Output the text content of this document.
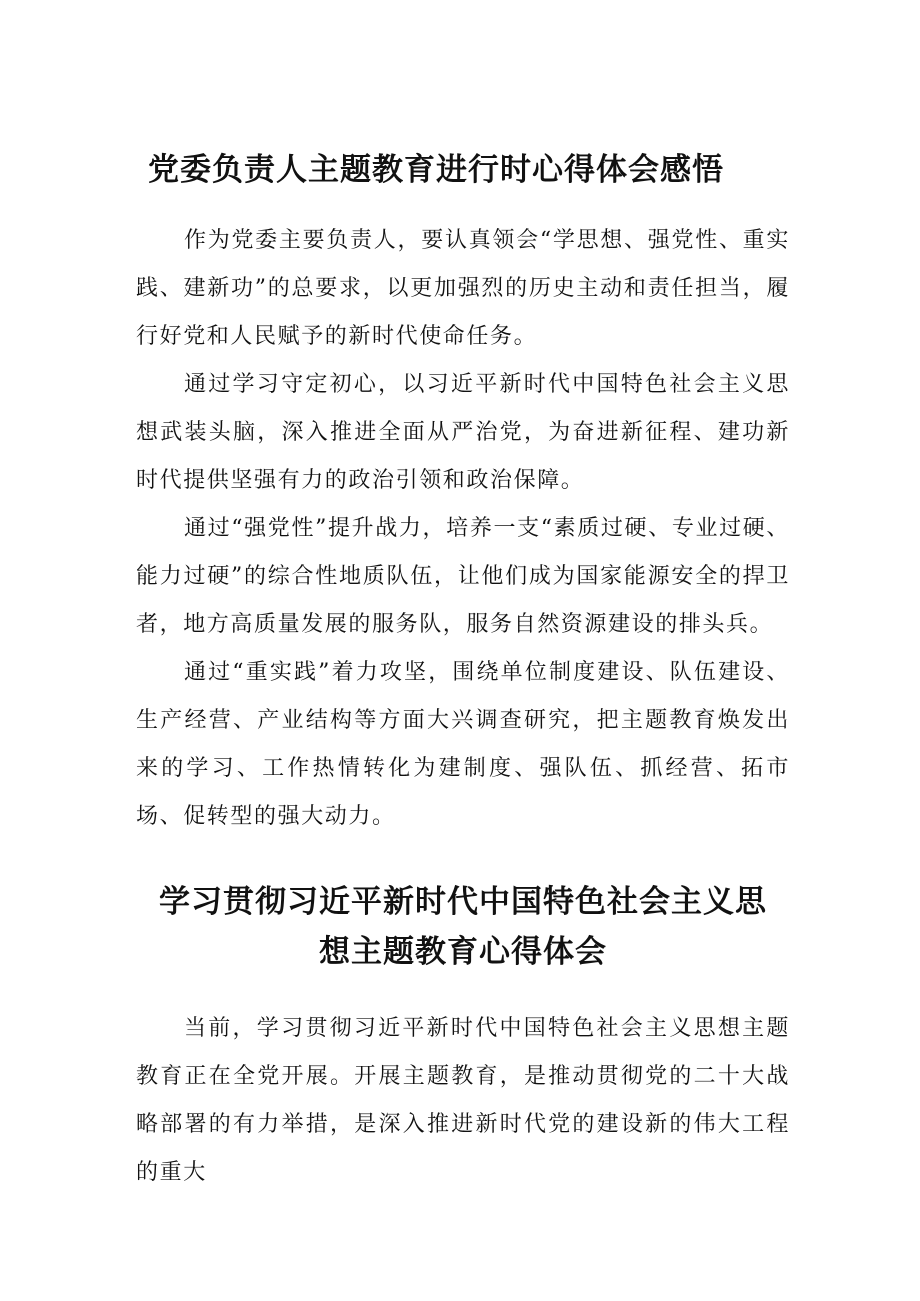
党委负责人主题教育进行时心得体会感悟

作为党委主要负责人，要认真领会“学思想、强党性、重实践、建新功”的总要求，以更加强烈的历史主动和责任担当，履行好党和人民赋予的新时代使命任务。

通过学习守定初心，以习近平新时代中国特色社会主义思想武装头脑，深入推进全面从严治党，为奋进新征程、建功新时代提供坚强有力的政治引领和政治保障。

通过“强党性”提升战力，培养一支“素质过硬、专业过硬、能力过硬”的综合性地质队伍，让他们成为国家能源安全的捍卫者，地方高质量发展的服务队，服务自然资源建设的排头兵。

通过“重实践”着力攻坚，围绕单位制度建设、队伍建设、生产经营、产业结构等方面大兴调查研究，把主题教育焕发出来的学习、工作热情转化为建制度、强队伍、抓经营、拓市场、促转型的强大动力。

学习贯彻习近平新时代中国特色社会主义思
想主题教育心得体会

当前，学习贯彻习近平新时代中国特色社会主义思想主题教育正在全党开展。开展主题教育，是推动贯彻党的二十大战略部署的有力举措，是深入推进新时代党的建设新的伟大工程的重大
